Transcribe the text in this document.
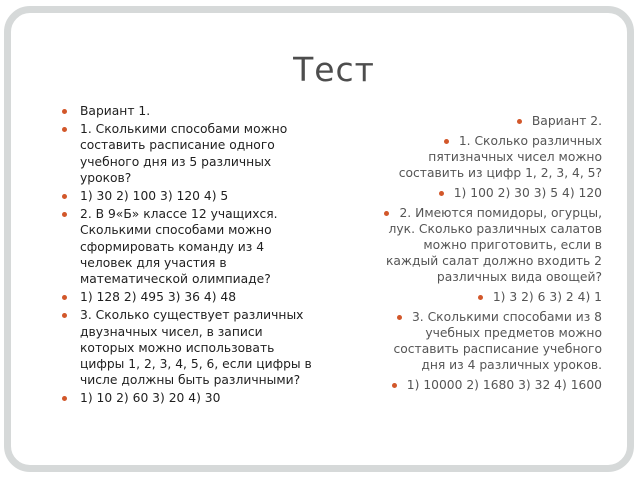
Тест
Вариант 1.
1. Сколькими способами можно составить расписание одного учебного дня из 5 различных уроков?
1) 30 2) 100 3) 120 4) 5
2. В 9«Б» классе 12 учащихся. Сколькими способами можно сформировать команду из 4 человек для участия в математической олимпиаде?
1) 128 2) 495 3) 36 4) 48
3. Сколько существует различных двузначных чисел, в записи которых можно использовать цифры 1, 2, 3, 4, 5, 6, если цифры в числе должны быть различными?
1) 10 2) 60 3) 20 4) 30
Вариант 2.
1. Сколько различных пятизначных чисел можно составить из цифр 1, 2, 3, 4, 5?
1) 100 2) 30 3) 5 4) 120
2. Имеются помидоры, огурцы, лук. Сколько различных салатов можно приготовить, если в каждый салат должно входить 2 различных вида овощей?
1) 3 2) 6 3) 2 4) 1
3. Сколькими способами из 8 учебных предметов можно составить расписание учебного дня из 4 различных уроков.
1) 10000 2) 1680 3) 32 4) 1600
